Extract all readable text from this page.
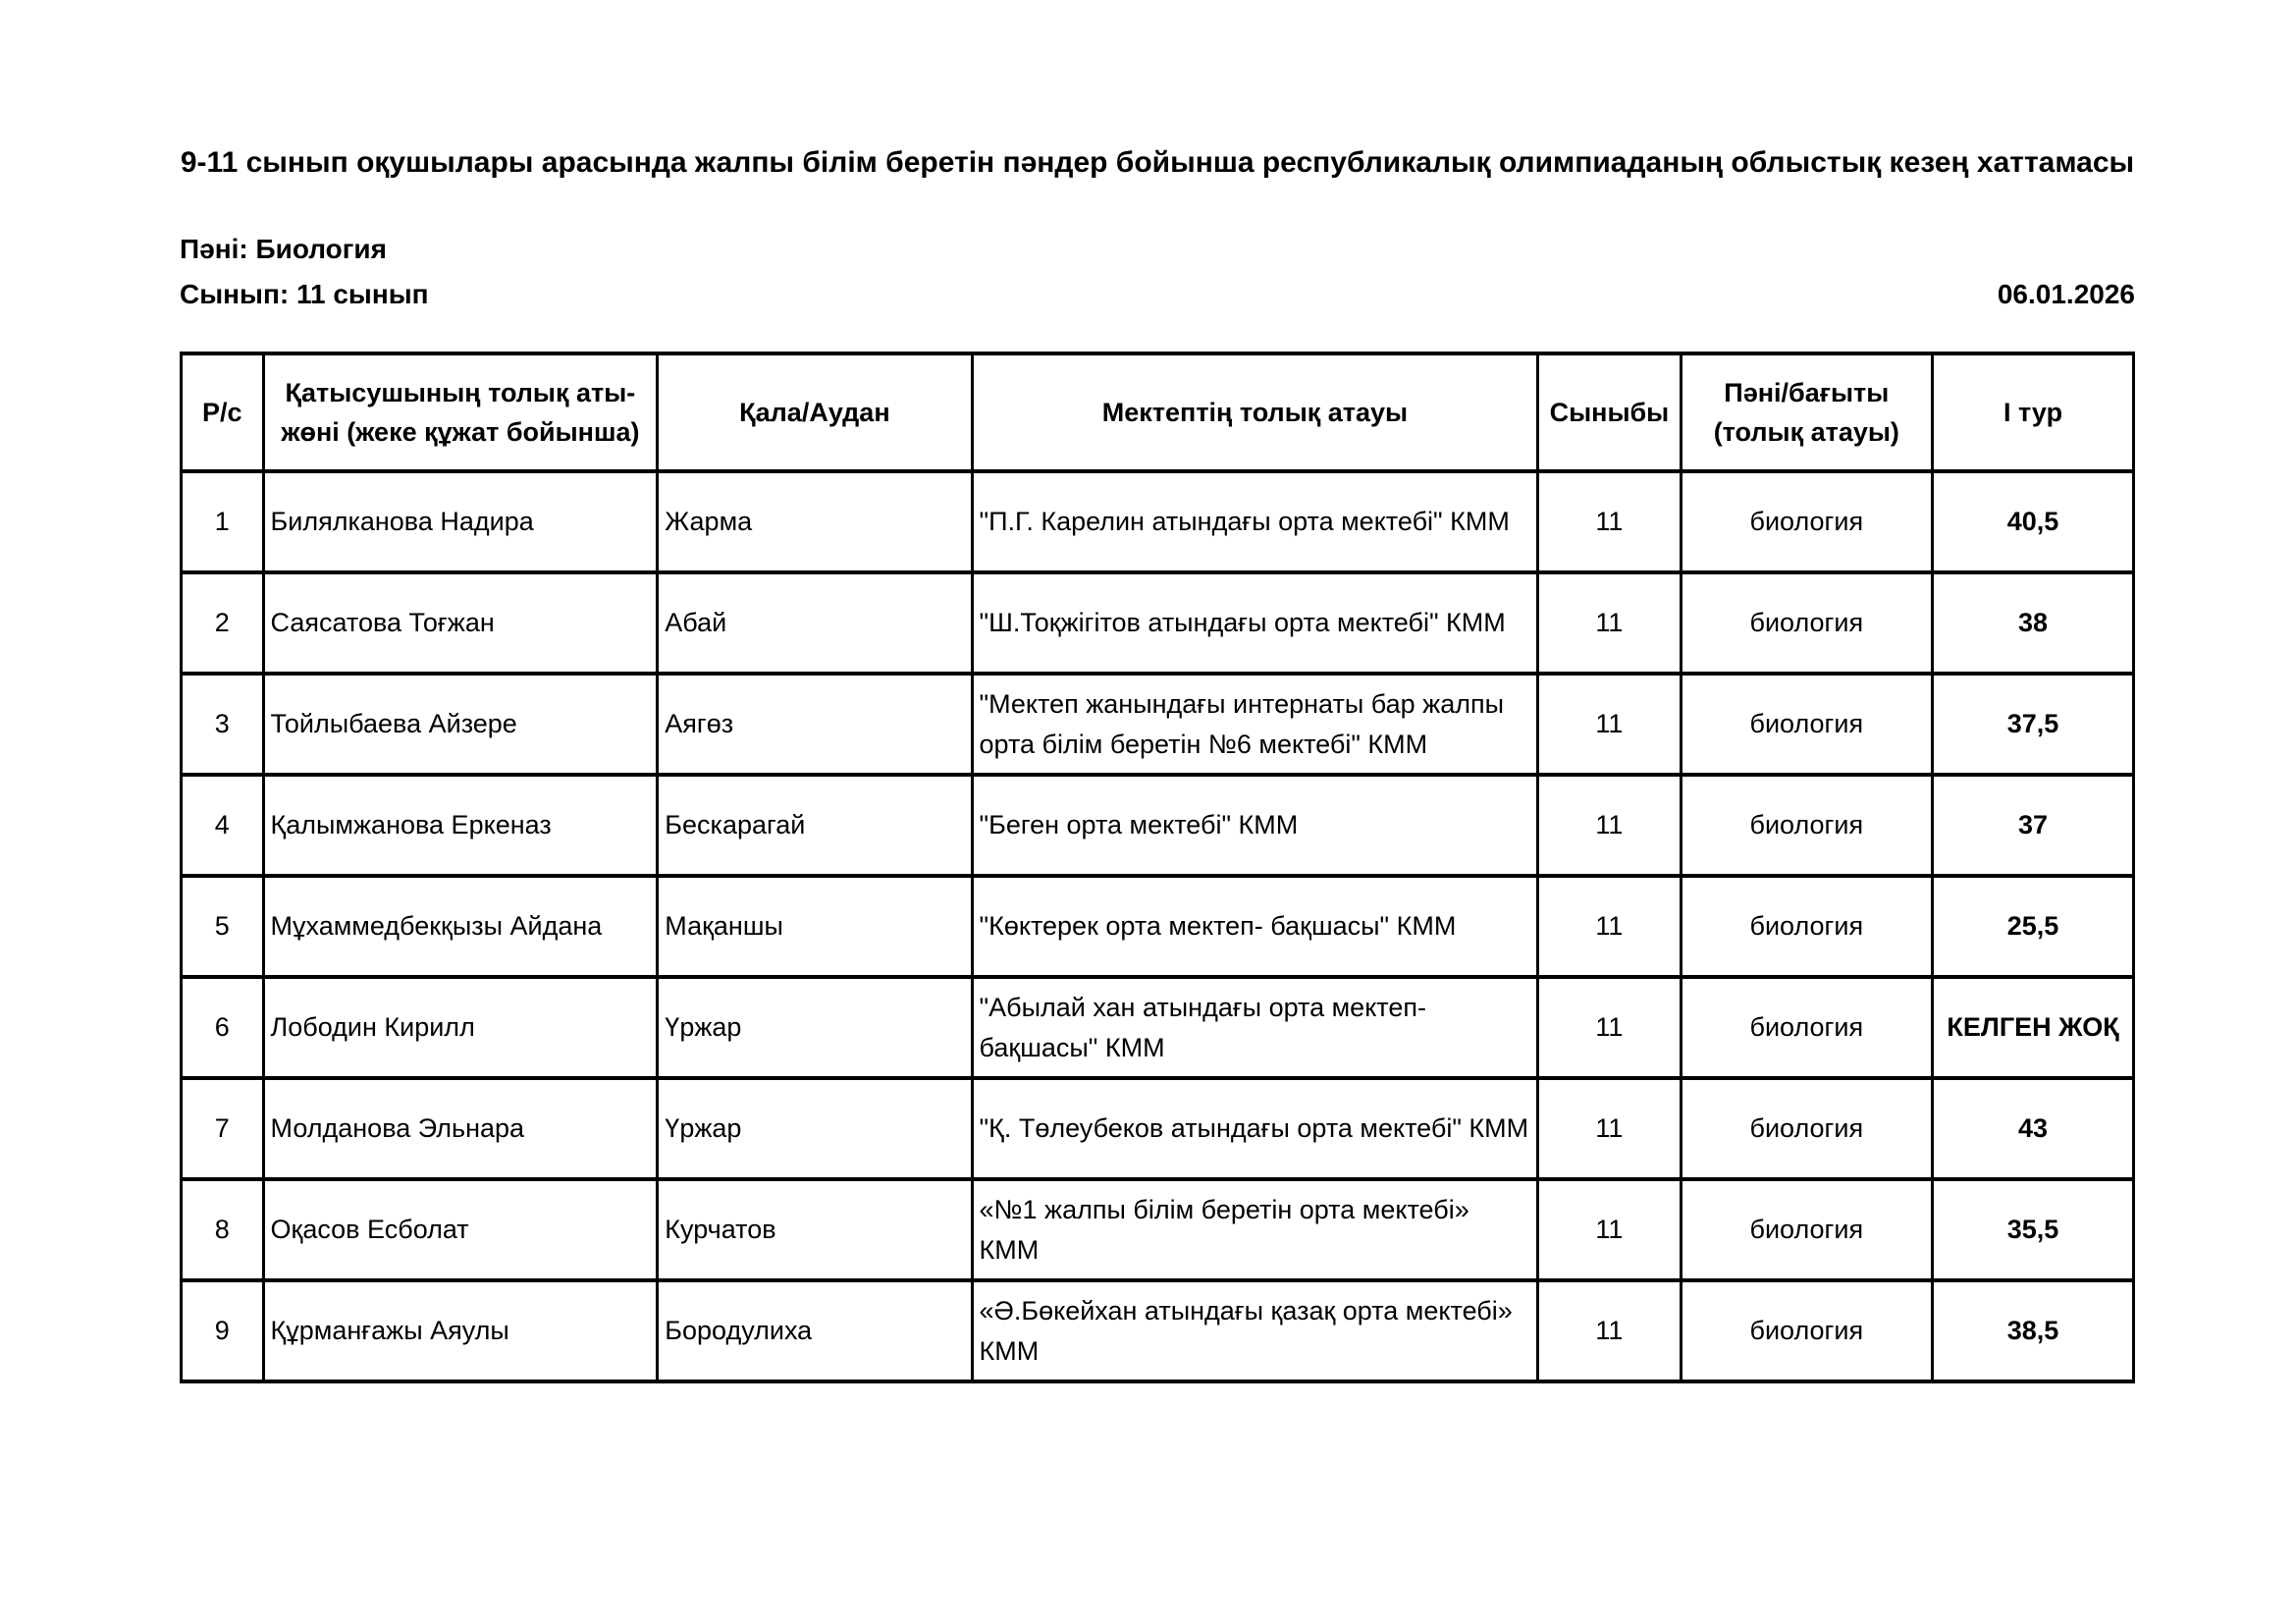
9-11 сынып оқушылары арасында жалпы білім беретін пәндер бойынша республикалық олимпиаданың облыстық кезең хаттамасы
Пәні: Биология
Сынып: 11 сынып	06.01.2026
Р/с	Қатысушының толық аты-жөні (жеке құжат бойынша)	Қала/Аудан	Мектептің толық атауы	Сыныбы	Пәні/бағыты (толық атауы)	І тур
1	Билялканова Надира	Жарма	"П.Г. Карелин атындағы орта мектебі" КММ	11	биология	40,5
2	Саясатова Тоғжан	Абай	"Ш.Тоқжігітов атындағы орта мектебі" КММ	11	биология	38
3	Тойлыбаева Айзере	Аягөз	"Мектеп жанындағы интернаты бар жалпы орта білім беретін №6 мектебі" КММ	11	биология	37,5
4	Қалымжанова Еркеназ	Бескарагай	"Беген орта мектебі" КММ	11	биология	37
5	Мұхаммедбекқызы Айдана	Мақаншы	"Көктерек орта мектеп- бақшасы" КММ	11	биология	25,5
6	Лободин Кирилл	Үржар	"Абылай хан атындағы орта мектеп-бақшасы" КММ	11	биология	КЕЛГЕН ЖОҚ
7	Молданова Эльнара	Үржар	"Қ. Төлеубеков атындағы орта мектебі" КММ	11	биология	43
8	Оқасов Есболат	Курчатов	«№1 жалпы білім беретін орта мектебі» КММ	11	биология	35,5
9	Құрманғажы Аяулы	Бородулиха	«Ә.Бөкейхан атындағы қазақ орта мектебі» КММ	11	биология	38,5
